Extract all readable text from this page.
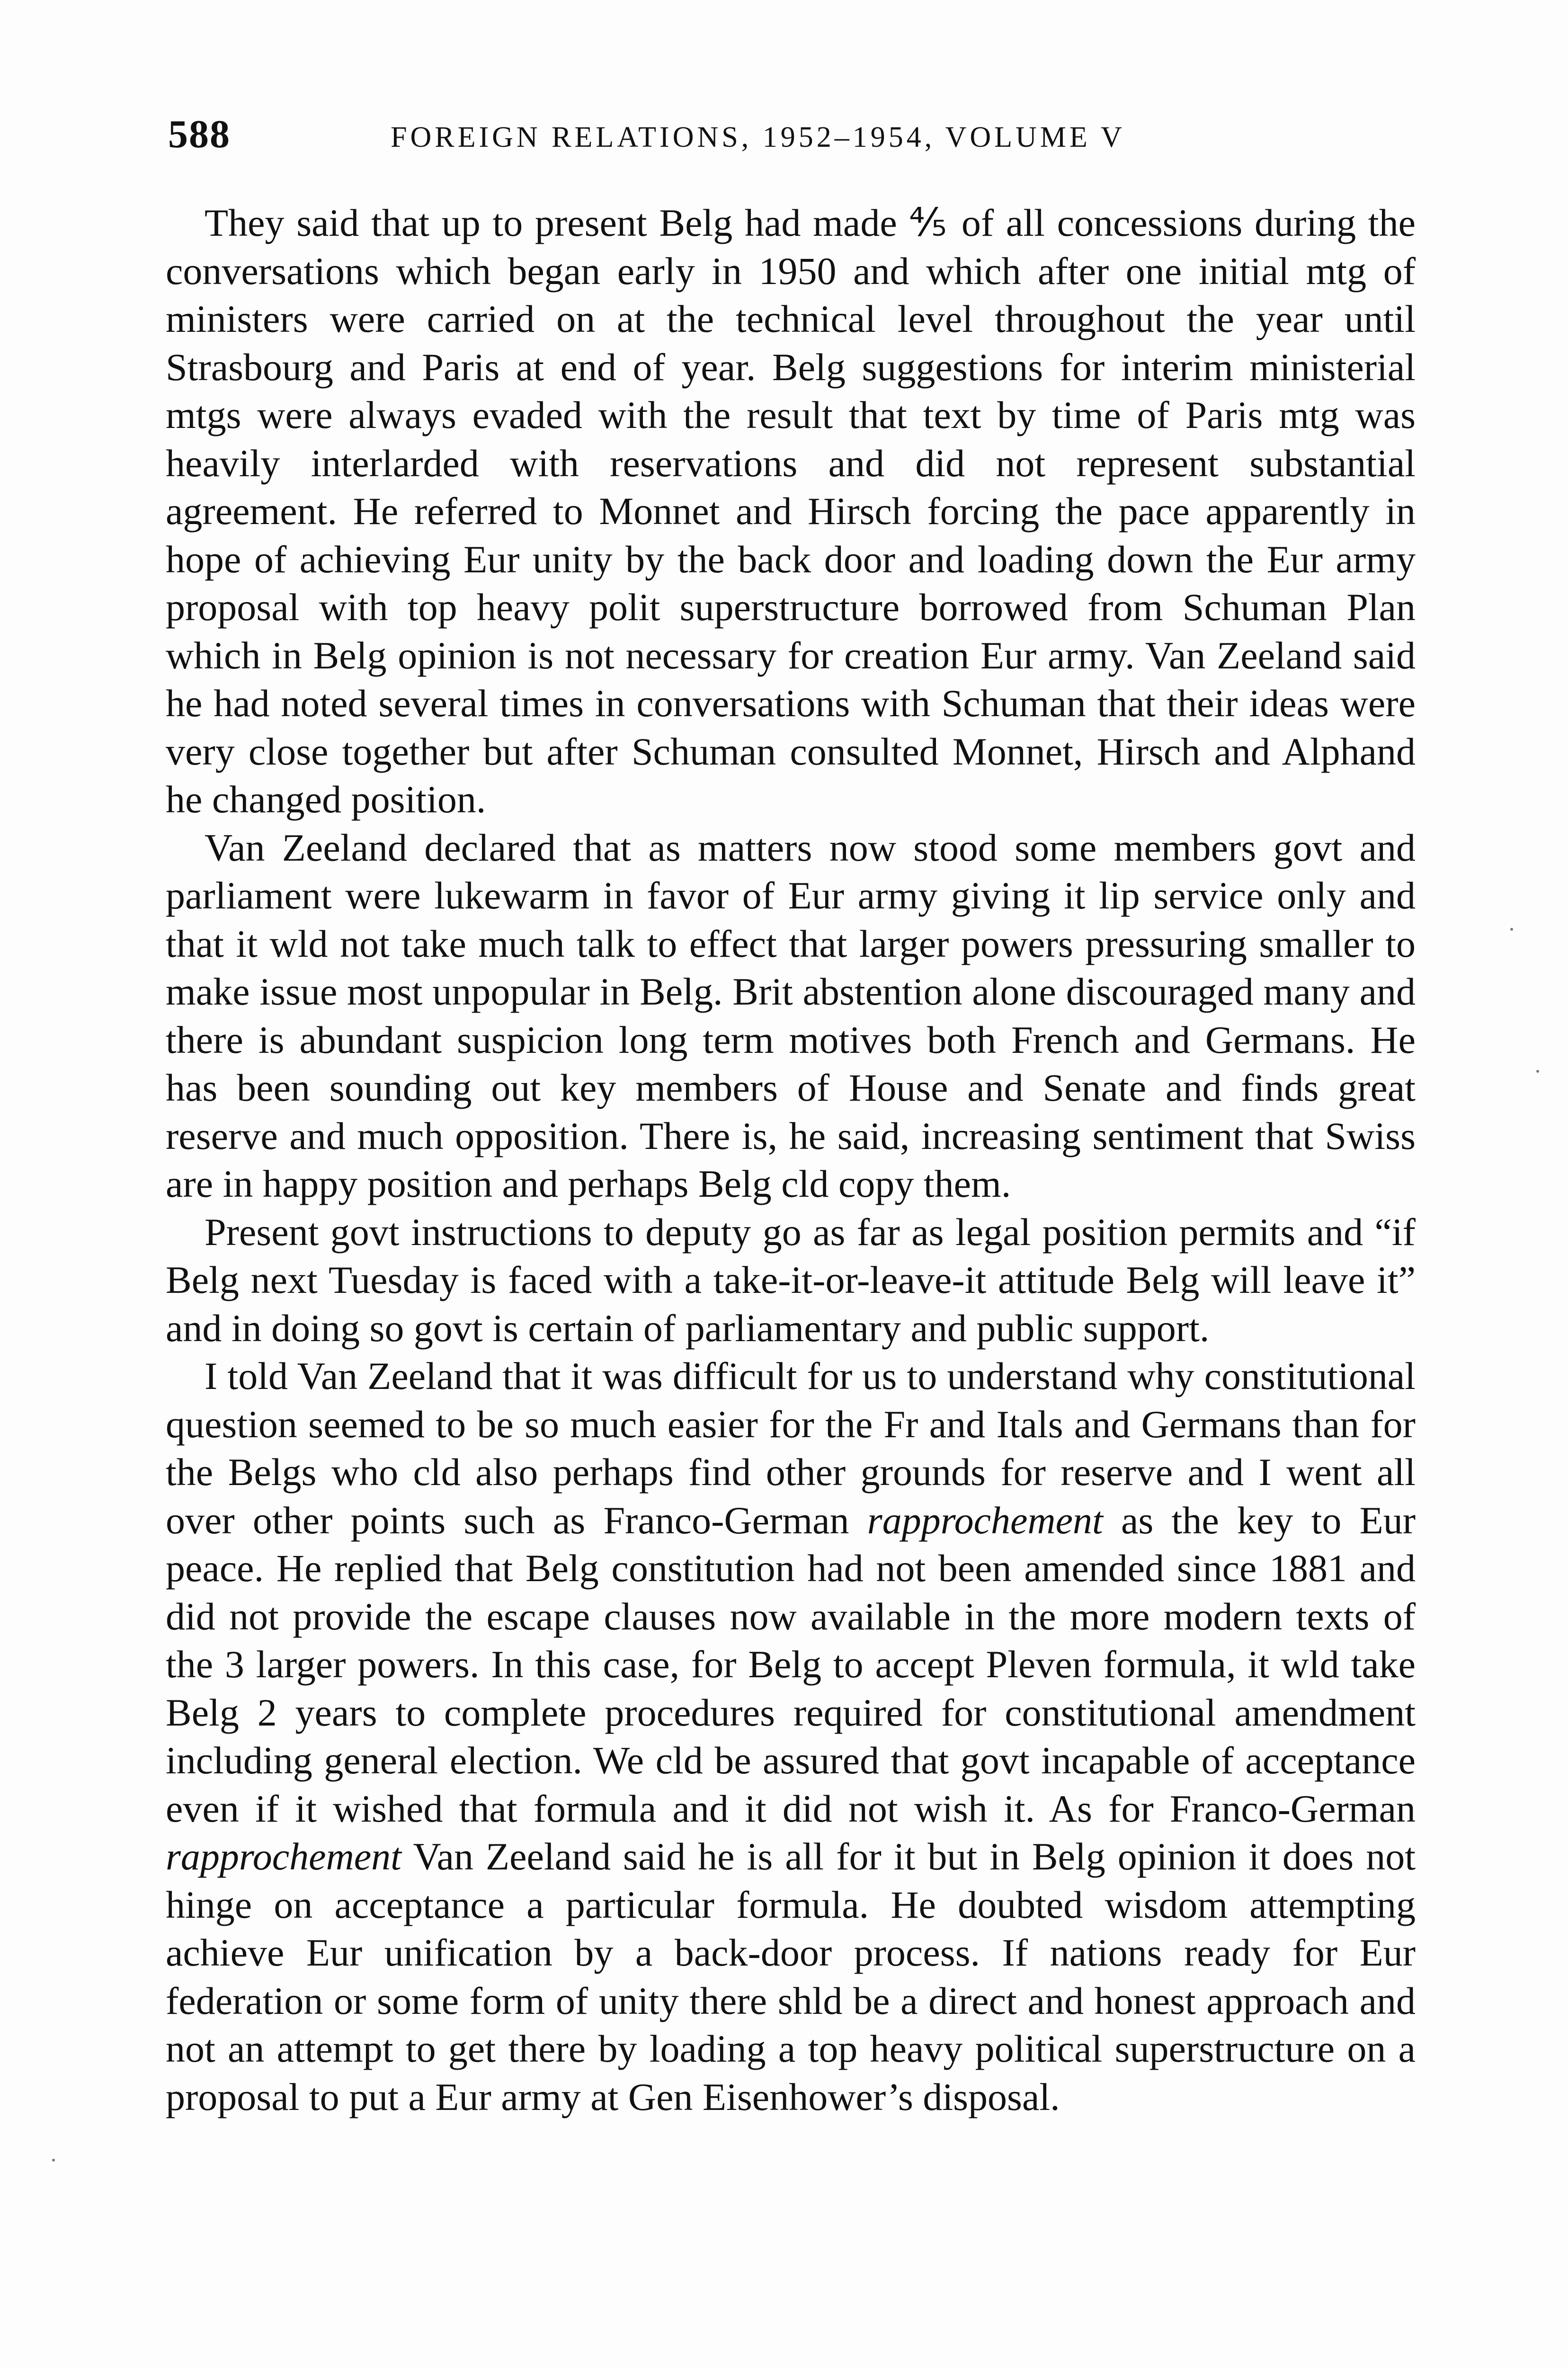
588	FOREIGN RELATIONS, 1952–1954, VOLUME V

They said that up to present Belg had made ⅘ of all concessions during the conversations which began early in 1950 and which after one initial mtg of ministers were carried on at the technical level throughout the year until Strasbourg and Paris at end of year. Belg suggestions for interim ministerial mtgs were always evaded with the result that text by time of Paris mtg was heavily interlarded with reservations and did not represent substantial agreement. He referred to Monnet and Hirsch forcing the pace apparently in hope of achieving Eur unity by the back door and loading down the Eur army proposal with top heavy polit superstructure borrowed from Schuman Plan which in Belg opinion is not necessary for creation Eur army. Van Zeeland said he had noted several times in conversations with Schuman that their ideas were very close together but after Schuman consulted Monnet, Hirsch and Alphand he changed position.

Van Zeeland declared that as matters now stood some members govt and parliament were lukewarm in favor of Eur army giving it lip service only and that it wld not take much talk to effect that larger powers pressuring smaller to make issue most unpopular in Belg. Brit abstention alone discouraged many and there is abundant suspicion long term motives both French and Germans. He has been sounding out key members of House and Senate and finds great reserve and much opposition. There is, he said, increasing sentiment that Swiss are in happy position and perhaps Belg cld copy them.

Present govt instructions to deputy go as far as legal position permits and “if Belg next Tuesday is faced with a take-it-or-leave-it attitude Belg will leave it” and in doing so govt is certain of parliamentary and public support.

I told Van Zeeland that it was difficult for us to understand why constitutional question seemed to be so much easier for the Fr and Itals and Germans than for the Belgs who cld also perhaps find other grounds for reserve and I went all over other points such as Franco-German rapprochement as the key to Eur peace. He replied that Belg constitution had not been amended since 1881 and did not provide the escape clauses now available in the more modern texts of the 3 larger powers. In this case, for Belg to accept Pleven formula, it wld take Belg 2 years to complete procedures required for constitutional amendment including general election. We cld be assured that govt incapable of acceptance even if it wished that formula and it did not wish it. As for Franco-German rapprochement Van Zeeland said he is all for it but in Belg opinion it does not hinge on acceptance a particular formula. He doubted wisdom attempting achieve Eur unification by a back-door process. If nations ready for Eur federation or some form of unity there shld be a direct and honest approach and not an attempt to get there by loading a top heavy political superstructure on a proposal to put a Eur army at Gen Eisenhower’s disposal.
